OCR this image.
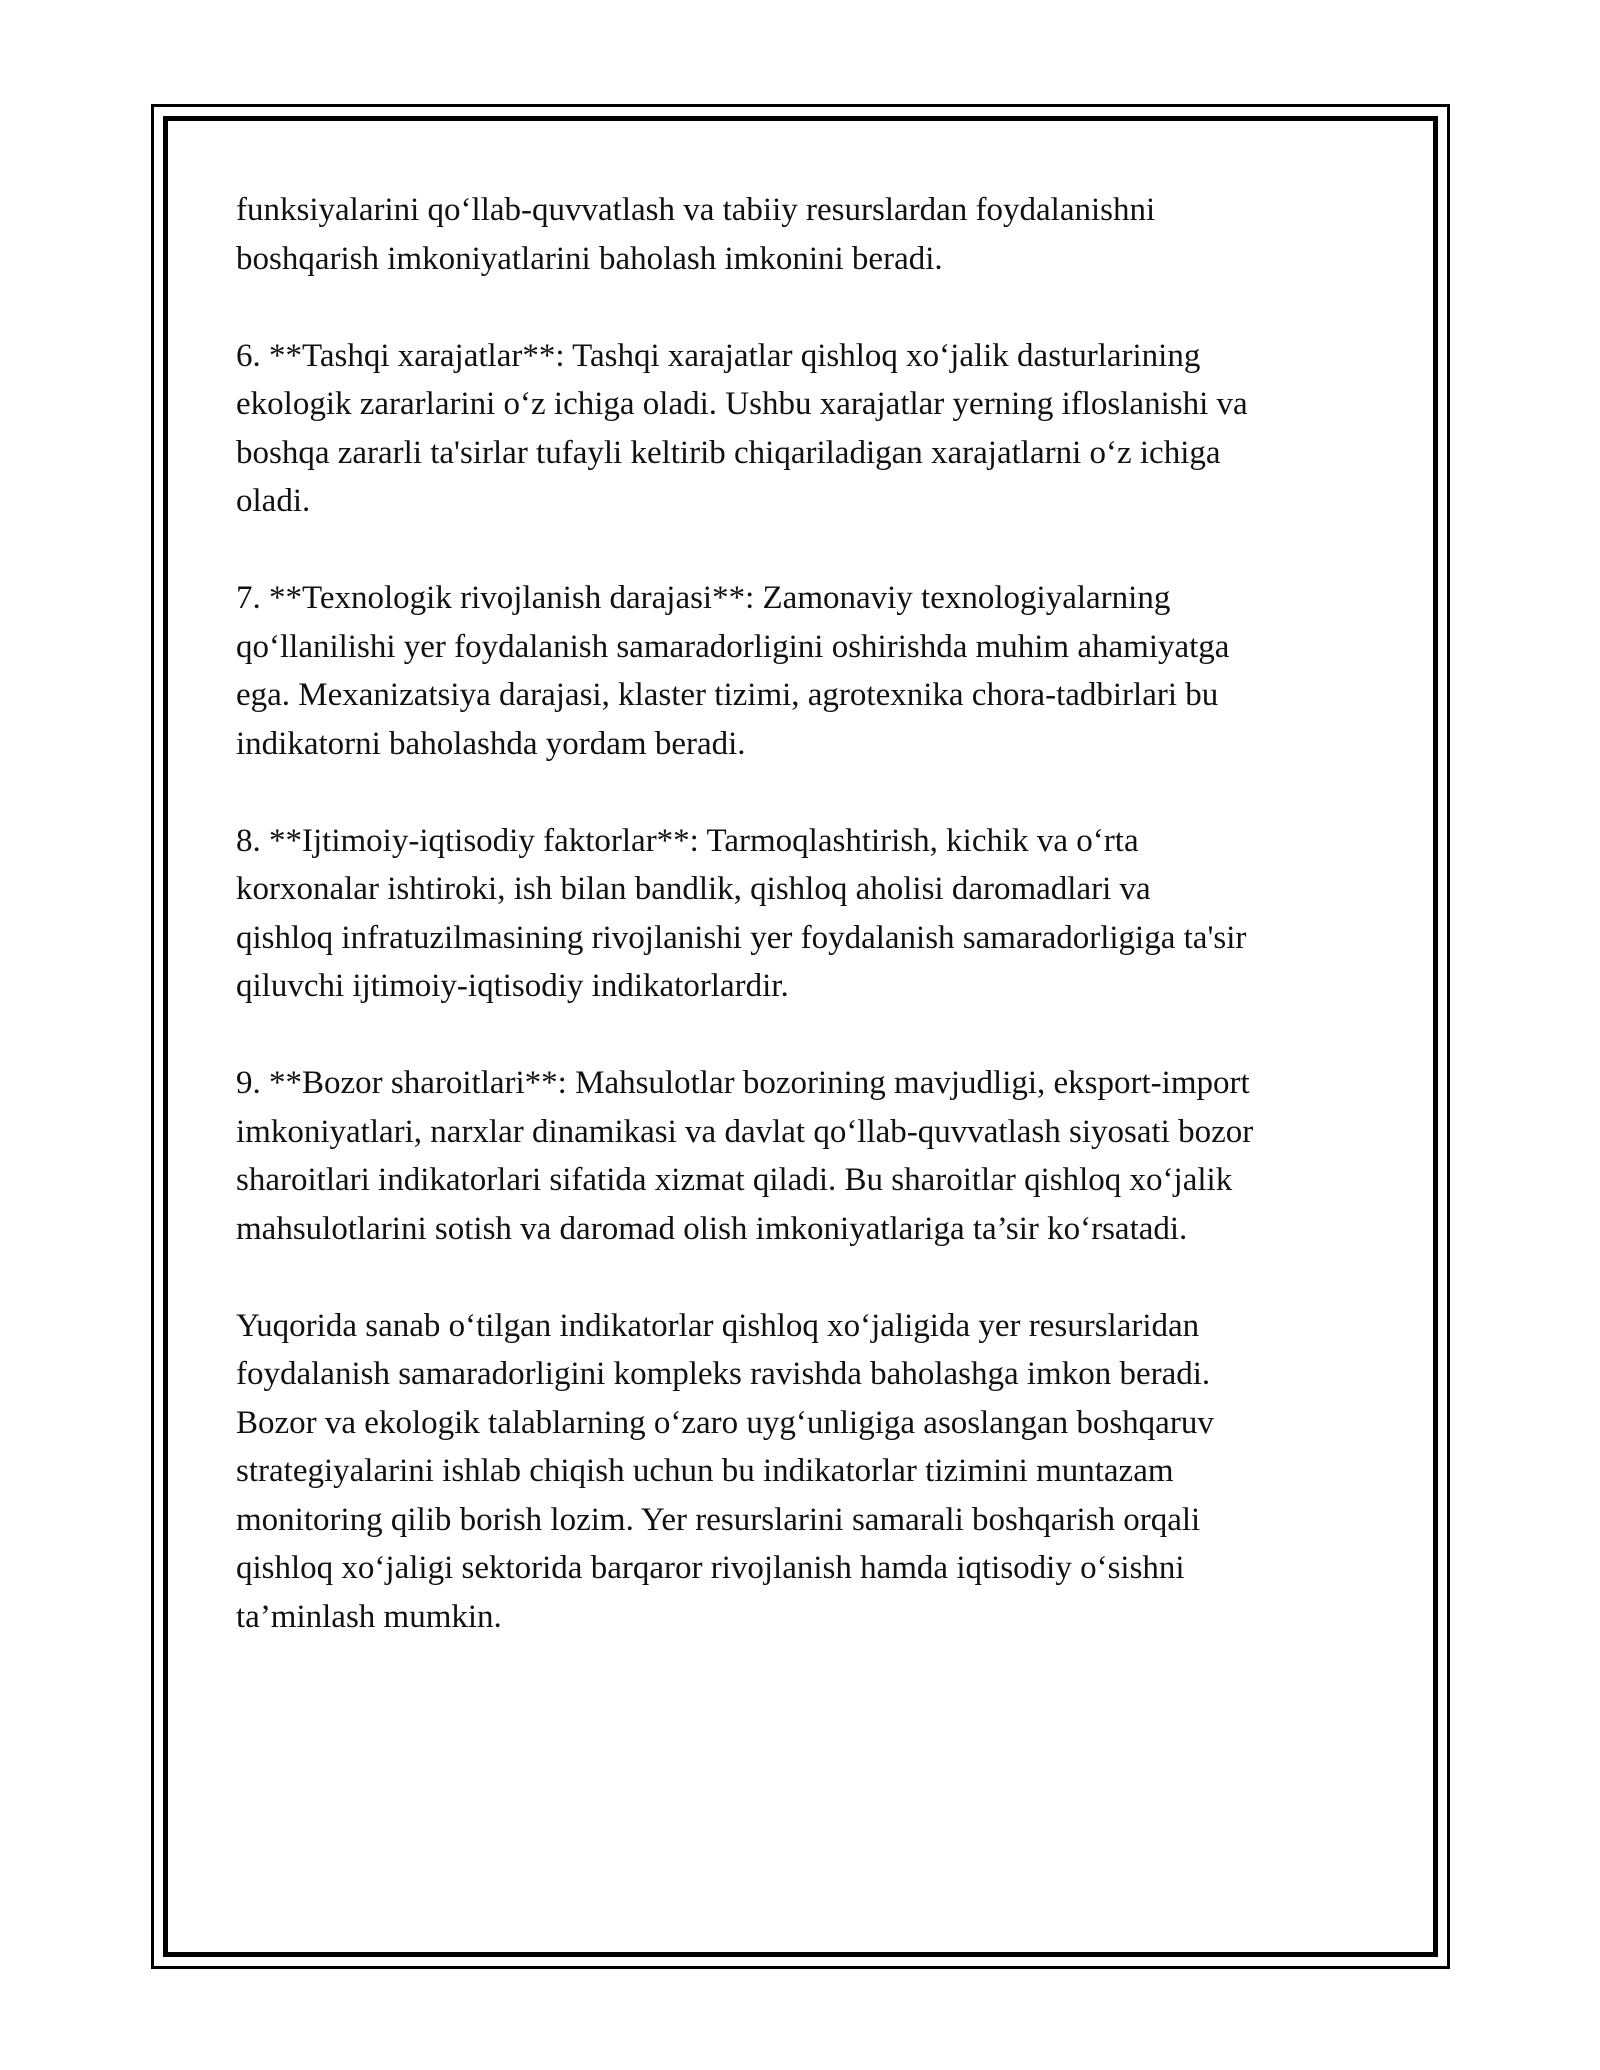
funksiyalarini qo‘llab-quvvatlash va tabiiy resurslardan foydalanishni
boshqarish imkoniyatlarini baholash imkonini beradi.

6. **Tashqi xarajatlar**: Tashqi xarajatlar qishloq xo‘jalik dasturlarining
ekologik zararlarini o‘z ichiga oladi. Ushbu xarajatlar yerning ifloslanishi va
boshqa zararli ta'sirlar tufayli keltirib chiqariladigan xarajatlarni o‘z ichiga
oladi.

7. **Texnologik rivojlanish darajasi**: Zamonaviy texnologiyalarning
qo‘llanilishi yer foydalanish samaradorligini oshirishda muhim ahamiyatga
ega. Mexanizatsiya darajasi, klaster tizimi, agrotexnika chora-tadbirlari bu
indikatorni baholashda yordam beradi.

8. **Ijtimoiy-iqtisodiy faktorlar**: Tarmoqlashtirish, kichik va o‘rta
korxonalar ishtiroki, ish bilan bandlik, qishloq aholisi daromadlari va
qishloq infratuzilmasining rivojlanishi yer foydalanish samaradorligiga ta'sir
qiluvchi ijtimoiy-iqtisodiy indikatorlardir.

9. **Bozor sharoitlari**: Mahsulotlar bozorining mavjudligi, eksport-import
imkoniyatlari, narxlar dinamikasi va davlat qo‘llab-quvvatlash siyosati bozor
sharoitlari indikatorlari sifatida xizmat qiladi. Bu sharoitlar qishloq xo‘jalik
mahsulotlarini sotish va daromad olish imkoniyatlariga ta’sir ko‘rsatadi.

Yuqorida sanab o‘tilgan indikatorlar qishloq xo‘jaligida yer resurslaridan
foydalanish samaradorligini kompleks ravishda baholashga imkon beradi.
Bozor va ekologik talablarning o‘zaro uyg‘unligiga asoslangan boshqaruv
strategiyalarini ishlab chiqish uchun bu indikatorlar tizimini muntazam
monitoring qilib borish lozim. Yer resurslarini samarali boshqarish orqali
qishloq xo‘jaligi sektorida barqaror rivojlanish hamda iqtisodiy o‘sishni
ta’minlash mumkin.
